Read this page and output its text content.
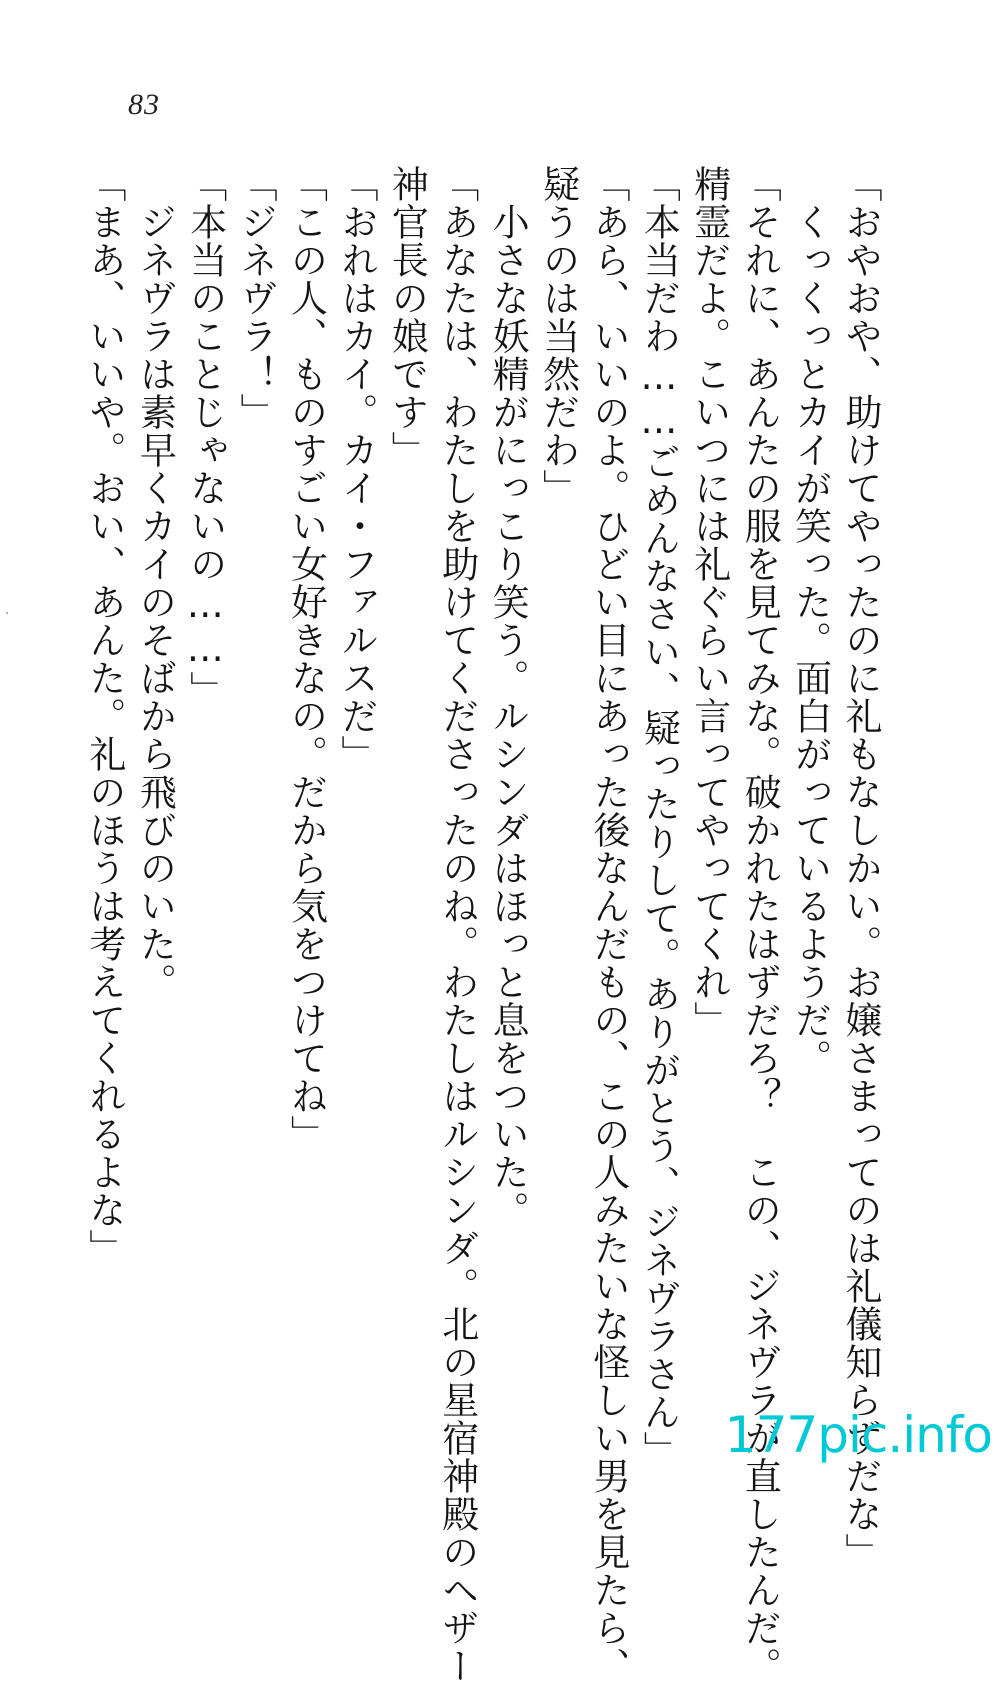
83
「おやおや、助けてやったのに礼もなしかい。お嬢さまってのは礼儀知らずだな」
　くっくっとカイが笑った。面白がっているようだ。
「それに、あんたの服を見てみな。破かれたはずだろ？　この、ジネヴラが直したんだ。
精霊だよ。こいつには礼ぐらい言ってやってくれ」
「本当だわ……ごめんなさい、疑ったりして。ありがとう、ジネヴラさん」
「あら、いいのよ。ひどい目にあった後なんだもの、この人みたいな怪しい男を見たら、
疑うのは当然だわ」
　小さな妖精がにっこり笑う。ルシンダはほっと息をついた。
「あなたは、わたしを助けてくださったのね。わたしはルシンダ。北の星宿神殿のヘザー
神官長の娘です」
「おれはカイ。カイ・ファルスだ」
「この人、ものすごい女好きなの。だから気をつけてね」
「ジネヴラ！」
「本当のことじゃないの……」
　ジネヴラは素早くカイのそばから飛びのいた。
「まあ、いいや。おい、あんた。礼のほうは考えてくれるよな」
177pic.info
